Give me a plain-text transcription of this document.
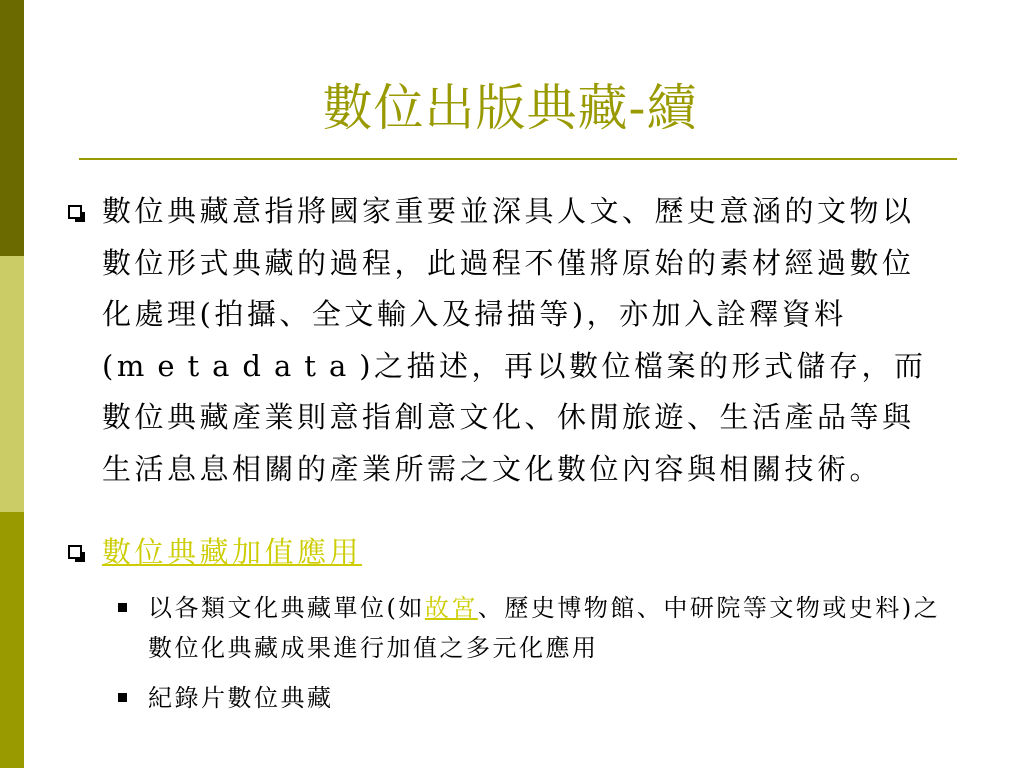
數位出版典藏-續
數位典藏意指將國家重要並深具人文、歷史意涵的文物以數位形式典藏的過程，此過程不僅將原始的素材經過數位化處理(拍攝、全文輸入及掃描等)，亦加入詮釋資料(metadata)之描述，再以數位檔案的形式儲存，而數位典藏產業則意指創意文化、休閒旅遊、生活產品等與生活息息相關的產業所需之文化數位內容與相關技術。
數位典藏加值應用
以各類文化典藏單位(如故宮、歷史博物館、中研院等文物或史料)之數位化典藏成果進行加值之多元化應用
紀錄片數位典藏
